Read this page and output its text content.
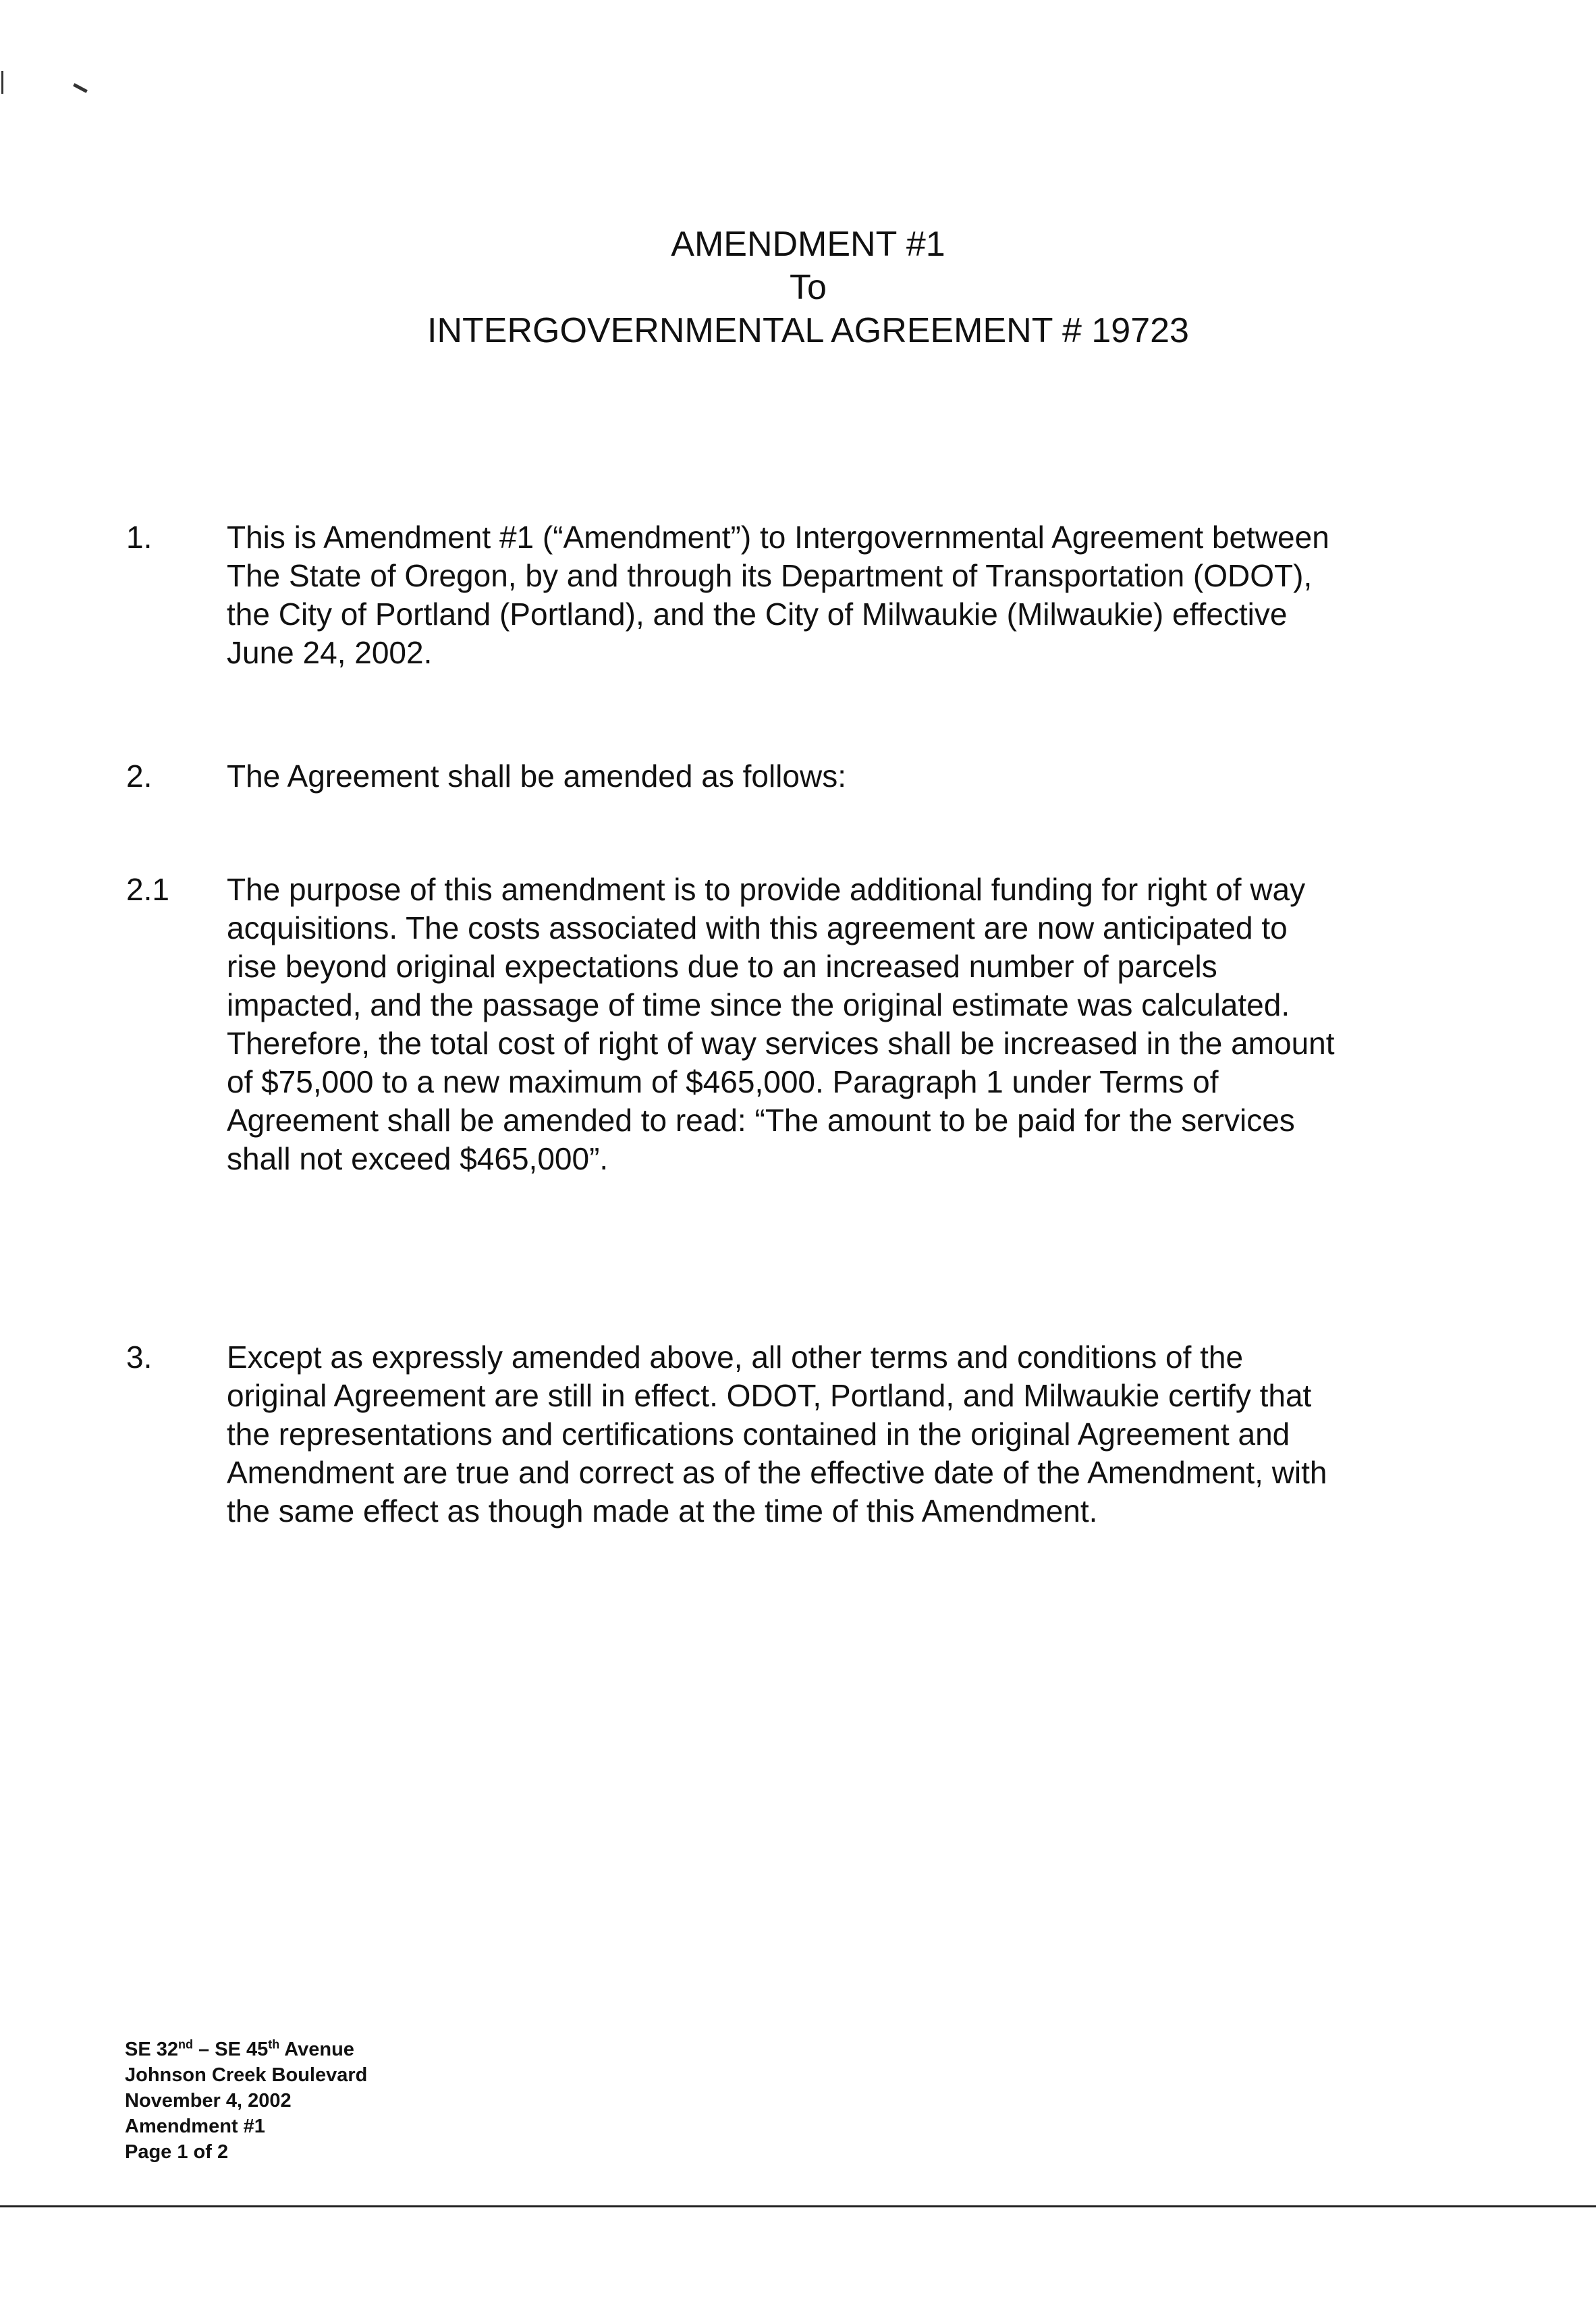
AMENDMENT #1
To
INTERGOVERNMENTAL AGREEMENT # 19723
1. This is Amendment #1 (“Amendment”) to Intergovernmental Agreement between
The State of Oregon, by and through its Department of Transportation (ODOT),
the City of Portland (Portland), and the City of Milwaukie (Milwaukie) effective
June 24, 2002.
2. The Agreement shall be amended as follows:
2.1 The purpose of this amendment is to provide additional funding for right of way
acquisitions. The costs associated with this agreement are now anticipated to
rise beyond original expectations due to an increased number of parcels
impacted, and the passage of time since the original estimate was calculated.
Therefore, the total cost of right of way services shall be increased in the amount
of $75,000 to a new maximum of $465,000. Paragraph 1 under Terms of
Agreement shall be amended to read: “The amount to be paid for the services
shall not exceed $465,000”.
3. Except as expressly amended above, all other terms and conditions of the
original Agreement are still in effect. ODOT, Portland, and Milwaukie certify that
the representations and certifications contained in the original Agreement and
Amendment are true and correct as of the effective date of the Amendment, with
the same effect as though made at the time of this Amendment.
SE 32nd – SE 45th Avenue
Johnson Creek Boulevard
November 4, 2002
Amendment #1
Page 1 of 2
